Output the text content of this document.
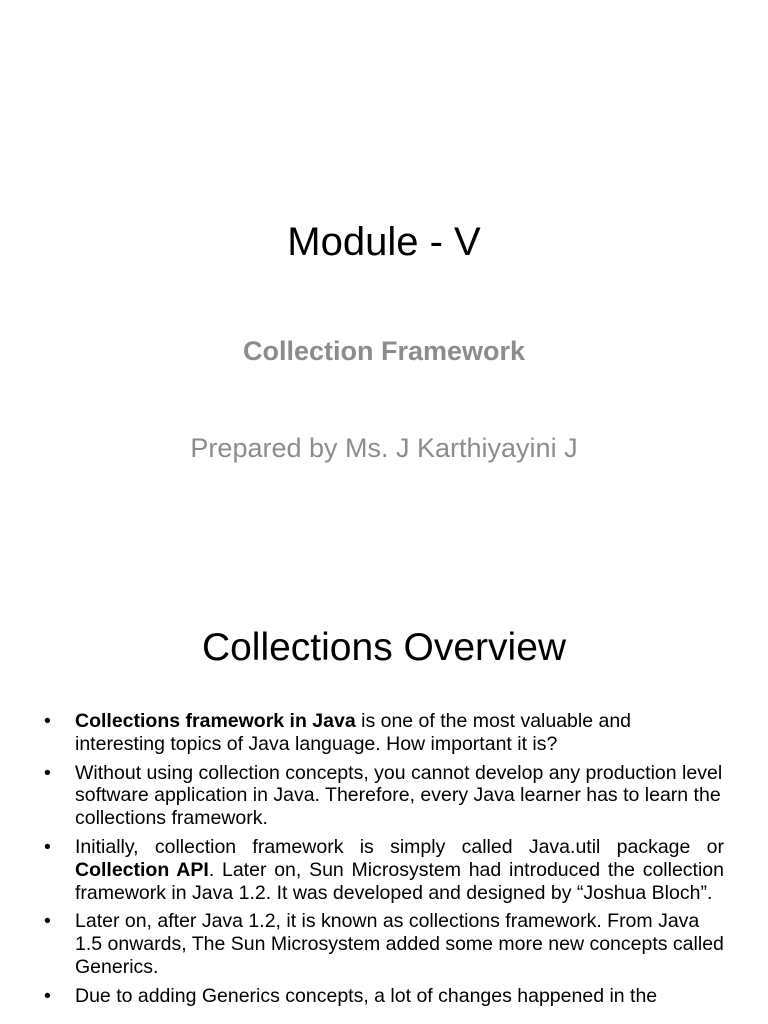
Module - V
Collection Framework
Prepared by Ms. J Karthiyayini J
Collections Overview
•	Collections framework in Java is one of the most valuable and interesting topics of Java language. How important it is?
•	Without using collection concepts, you cannot develop any production level software application in Java. Therefore, every Java learner has to learn the collections framework.
•	Initially, collection framework is simply called Java.util package or Collection API. Later on, Sun Microsystem had introduced the collection framework in Java 1.2. It was developed and designed by “Joshua Bloch”.
•	Later on, after Java 1.2, it is known as collections framework. From Java 1.5 onwards, The Sun Microsystem added some more new concepts called Generics.
•	Due to adding Generics concepts, a lot of changes happened in the
